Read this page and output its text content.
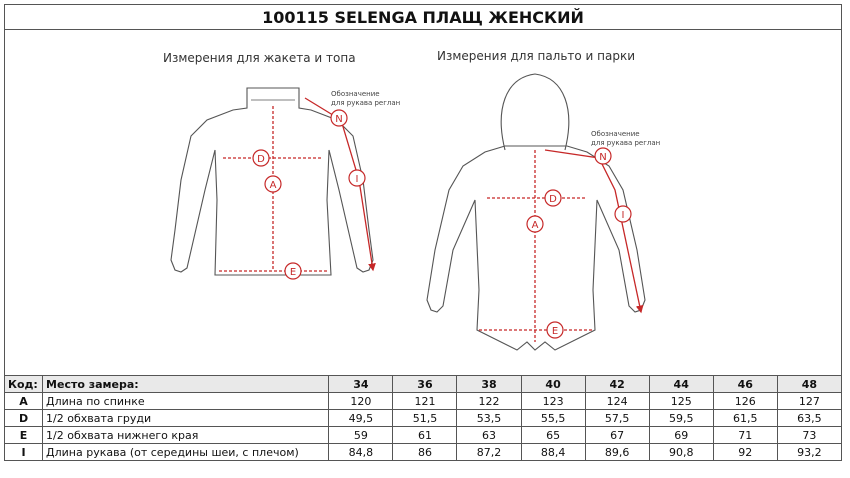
100115 SELENGA ПЛАЩ ЖЕНСКИЙ
Измерения для жакета и топа
A
D
E
N
I
Обозначение
для рукава реглан
Измерения для пальто и парки
A
D
E
N
I
Обозначение
для рукава реглан
Код:	Место замера:	34	36	38	40	42	44	46	48
A	Длина по спинке	120	121	122	123	124	125	126	127
D	1/2 обхвата груди	49,5	51,5	53,5	55,5	57,5	59,5	61,5	63,5
E	1/2 обхвата нижнего края	59	61	63	65	67	69	71	73
I	Длина рукава (от середины шеи, с плечом)	84,8	86	87,2	88,4	89,6	90,8	92	93,2
